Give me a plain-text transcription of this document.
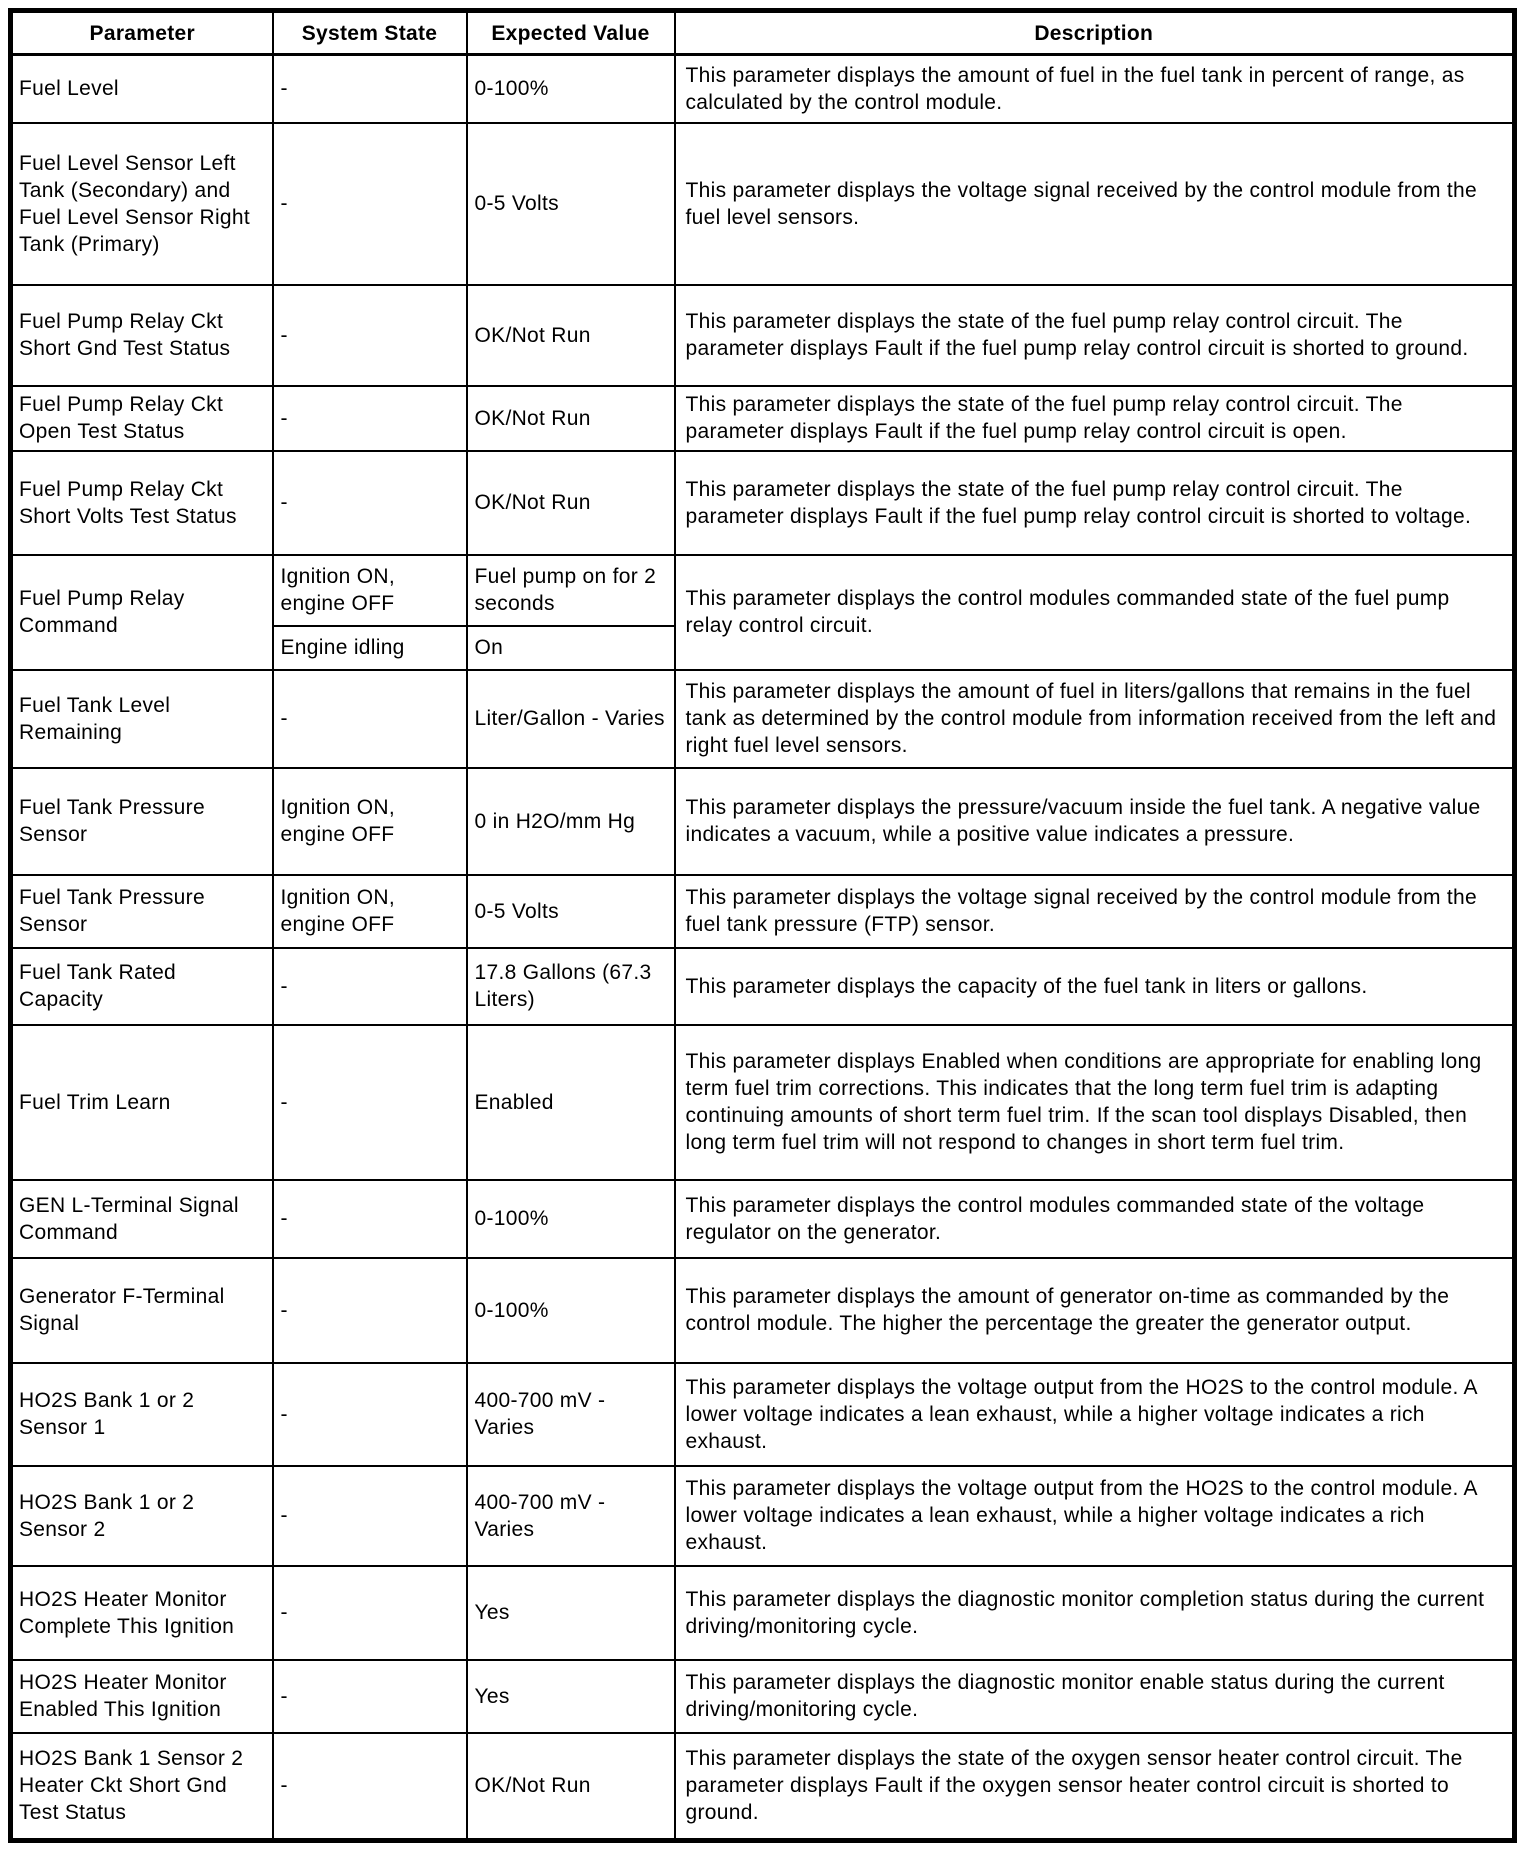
Parameter	System State	Expected Value	Description
Fuel Level	-	0-100%	This parameter displays the amount of fuel in the fuel tank in percent of range, as calculated by the control module.
Fuel Level Sensor Left Tank (Secondary) and Fuel Level Sensor Right Tank (Primary)	-	0-5 Volts	This parameter displays the voltage signal received by the control module from the fuel level sensors.
Fuel Pump Relay Ckt Short Gnd Test Status	-	OK/Not Run	This parameter displays the state of the fuel pump relay control circuit. The parameter displays Fault if the fuel pump relay control circuit is shorted to ground.
Fuel Pump Relay Ckt Open Test Status	-	OK/Not Run	This parameter displays the state of the fuel pump relay control circuit. The parameter displays Fault if the fuel pump relay control circuit is open.
Fuel Pump Relay Ckt Short Volts Test Status	-	OK/Not Run	This parameter displays the state of the fuel pump relay control circuit. The parameter displays Fault if the fuel pump relay control circuit is shorted to voltage.
Fuel Pump Relay Command	Ignition ON, engine OFF	Fuel pump on for 2 seconds	This parameter displays the control modules commanded state of the fuel pump relay control circuit.
	Engine idling	On	
Fuel Tank Level Remaining	-	Liter/Gallon - Varies	This parameter displays the amount of fuel in liters/gallons that remains in the fuel tank as determined by the control module from information received from the left and right fuel level sensors.
Fuel Tank Pressure Sensor	Ignition ON, engine OFF	0 in H2O/mm Hg	This parameter displays the pressure/vacuum inside the fuel tank. A negative value indicates a vacuum, while a positive value indicates a pressure.
Fuel Tank Pressure Sensor	Ignition ON, engine OFF	0-5 Volts	This parameter displays the voltage signal received by the control module from the fuel tank pressure (FTP) sensor.
Fuel Tank Rated Capacity	-	17.8 Gallons (67.3 Liters)	This parameter displays the capacity of the fuel tank in liters or gallons.
Fuel Trim Learn	-	Enabled	This parameter displays Enabled when conditions are appropriate for enabling long term fuel trim corrections. This indicates that the long term fuel trim is adapting continuing amounts of short term fuel trim. If the scan tool displays Disabled, then long term fuel trim will not respond to changes in short term fuel trim.
GEN L-Terminal Signal Command	-	0-100%	This parameter displays the control modules commanded state of the voltage regulator on the generator.
Generator F-Terminal Signal	-	0-100%	This parameter displays the amount of generator on-time as commanded by the control module. The higher the percentage the greater the generator output.
HO2S Bank 1 or 2 Sensor 1	-	400-700 mV - Varies	This parameter displays the voltage output from the HO2S to the control module. A lower voltage indicates a lean exhaust, while a higher voltage indicates a rich exhaust.
HO2S Bank 1 or 2 Sensor 2	-	400-700 mV - Varies	This parameter displays the voltage output from the HO2S to the control module. A lower voltage indicates a lean exhaust, while a higher voltage indicates a rich exhaust.
HO2S Heater Monitor Complete This Ignition	-	Yes	This parameter displays the diagnostic monitor completion status during the current driving/monitoring cycle.
HO2S Heater Monitor Enabled This Ignition	-	Yes	This parameter displays the diagnostic monitor enable status during the current driving/monitoring cycle.
HO2S Bank 1 Sensor 2 Heater Ckt Short Gnd Test Status	-	OK/Not Run	This parameter displays the state of the oxygen sensor heater control circuit. The parameter displays Fault if the oxygen sensor heater control circuit is shorted to ground.
